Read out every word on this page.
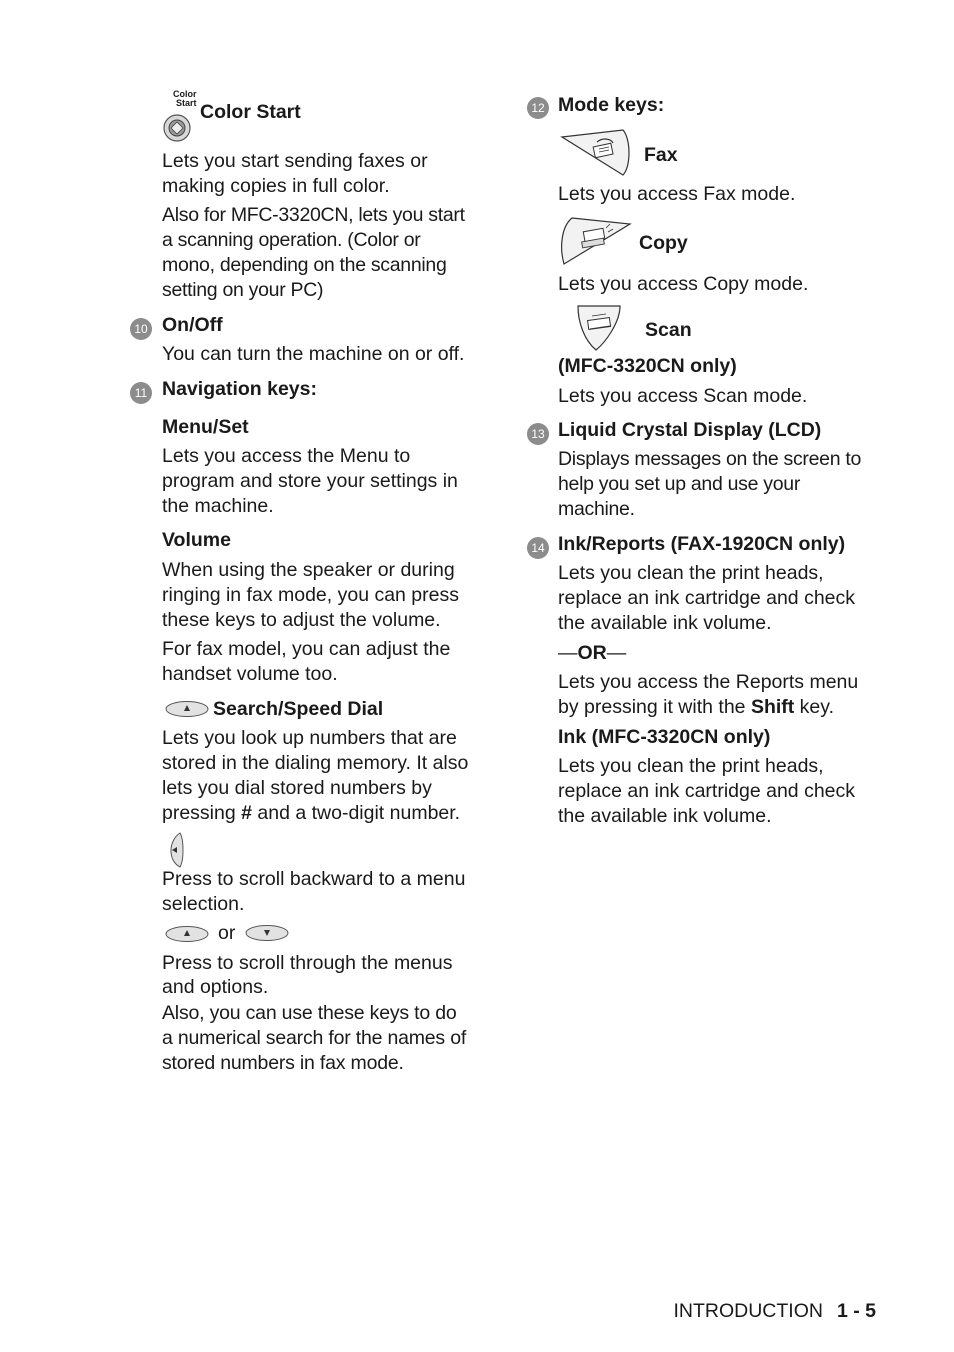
Color
Start Color Start
Lets you start sending faxes or
making copies in full color.
Also for MFC-3320CN, lets you start
a scanning operation. (Color or
mono, depending on the scanning
setting on your PC)
10 On/Off
You can turn the machine on or off.
11 Navigation keys:
Menu/Set
Lets you access the Menu to
program and store your settings in
the machine.
Volume
When using the speaker or during
ringing in fax mode, you can press
these keys to adjust the volume.
For fax model, you can adjust the
handset volume too.
Search/Speed Dial
Lets you look up numbers that are
stored in the dialing memory. It also
lets you dial stored numbers by
pressing # and a two-digit number.
Press to scroll backward to a menu
selection.
or
Press to scroll through the menus
and options.
Also, you can use these keys to do
a numerical search for the names of
stored numbers in fax mode.
12 Mode keys:
Fax
Lets you access Fax mode.
Copy
Lets you access Copy mode.
Scan
(MFC-3320CN only)
Lets you access Scan mode.
13 Liquid Crystal Display (LCD)
Displays messages on the screen to
help you set up and use your
machine.
14 Ink/Reports (FAX-1920CN only)
Lets you clean the print heads,
replace an ink cartridge and check
the available ink volume.
—OR—
Lets you access the Reports menu
by pressing it with the Shift key.
Ink (MFC-3320CN only)
Lets you clean the print heads,
replace an ink cartridge and check
the available ink volume.
INTRODUCTION 1 - 5
